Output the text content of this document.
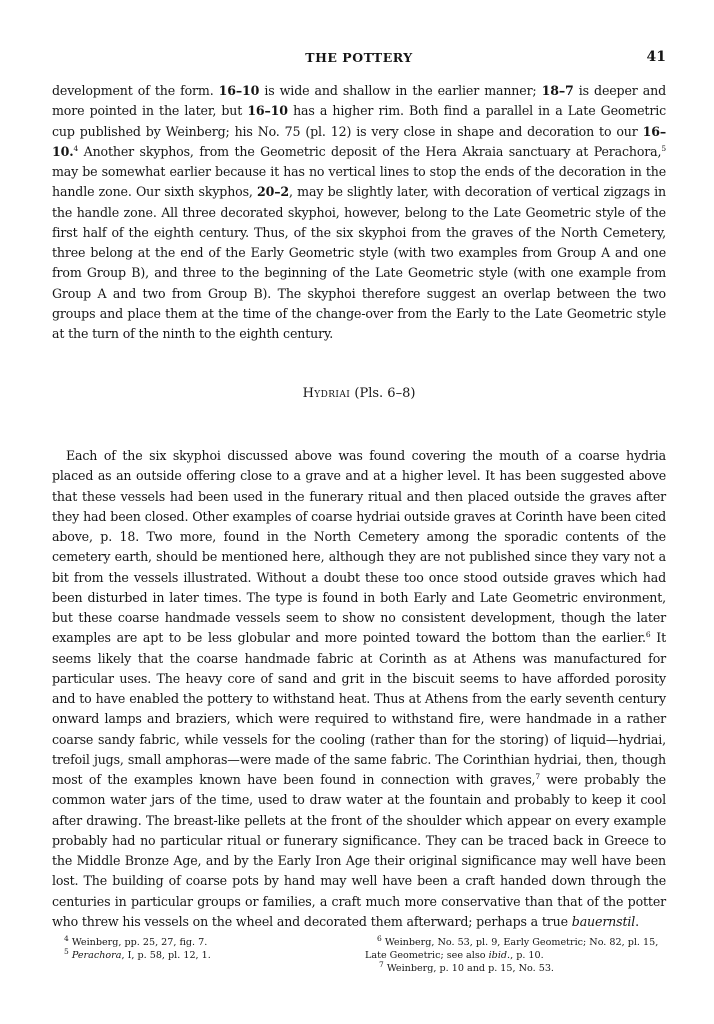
THE POTTERY	41

development of the form. 16–10 is wide and shallow in the earlier manner; 18–7 is deeper and more pointed in the later, but 16–10 has a higher rim. Both find a parallel in a Late Geometric cup published by Weinberg; his No. 75 (pl. 12) is very close in shape and decoration to our 16–10.$^4$ Another skyphos, from the Geometric deposit of the Hera Akraia sanctuary at Perachora,$^5$ may be somewhat earlier because it has no vertical lines to stop the ends of the decoration in the handle zone. Our sixth skyphos, 20–2, may be slightly later, with decoration of vertical zigzags in the handle zone. All three decorated skyphoi, however, belong to the Late Geometric style of the first half of the eighth century. Thus, of the six skyphoi from the graves of the North Cemetery, three belong at the end of the Early Geometric style (with two examples from Group A and one from Group B), and three to the beginning of the Late Geometric style (with one example from Group A and two from Group B). The skyphoi therefore suggest an overlap between the two groups and place them at the time of the change-over from the Early to the Late Geometric style at the turn of the ninth to the eighth century.

Hydriai (Pls. 6–8)

Each of the six skyphoi discussed above was found covering the mouth of a coarse hydria placed as an outside offering close to a grave and at a higher level. It has been suggested above that these vessels had been used in the funerary ritual and then placed outside the graves after they had been closed. Other examples of coarse hydriai outside graves at Corinth have been cited above, p. 18. Two more, found in the North Cemetery among the sporadic contents of the cemetery earth, should be mentioned here, although they are not published since they vary not a bit from the vessels illustrated. Without a doubt these too once stood outside graves which had been disturbed in later times. The type is found in both Early and Late Geometric environment, but these coarse handmade vessels seem to show no consistent development, though the later examples are apt to be less globular and more pointed toward the bottom than the earlier.$^6$ It seems likely that the coarse handmade fabric at Corinth as at Athens was manufactured for particular uses. The heavy core of sand and grit in the biscuit seems to have afforded porosity and to have enabled the pottery to withstand heat. Thus at Athens from the early seventh century onward lamps and braziers, which were required to withstand fire, were handmade in a rather coarse sandy fabric, while vessels for the cooling (rather than for the storing) of liquid—hydriai, trefoil jugs, small amphoras—were made of the same fabric. The Corinthian hydriai, then, though most of the examples known have been found in connection with graves,$^7$ were probably the common water jars of the time, used to draw water at the fountain and probably to keep it cool after drawing. The breast-like pellets at the front of the shoulder which appear on every example probably had no particular ritual or funerary significance. They can be traced back in Greece to the Middle Bronze Age, and by the Early Iron Age their original significance may well have been lost. The building of coarse pots by hand may well have been a craft handed down through the centuries in particular groups or families, a craft much more conservative than that of the potter who threw his vessels on the wheel and decorated them afterward; perhaps a true bauernstil.

$^4$ Weinberg, pp. 25, 27, fig. 7.
$^5$ Perachora, I, p. 58, pl. 12, 1.
$^6$ Weinberg, No. 53, pl. 9, Early Geometric; No. 82, pl. 15, Late Geometric; see also ibid., p. 10.
$^7$ Weinberg, p. 10 and p. 15, No. 53.
